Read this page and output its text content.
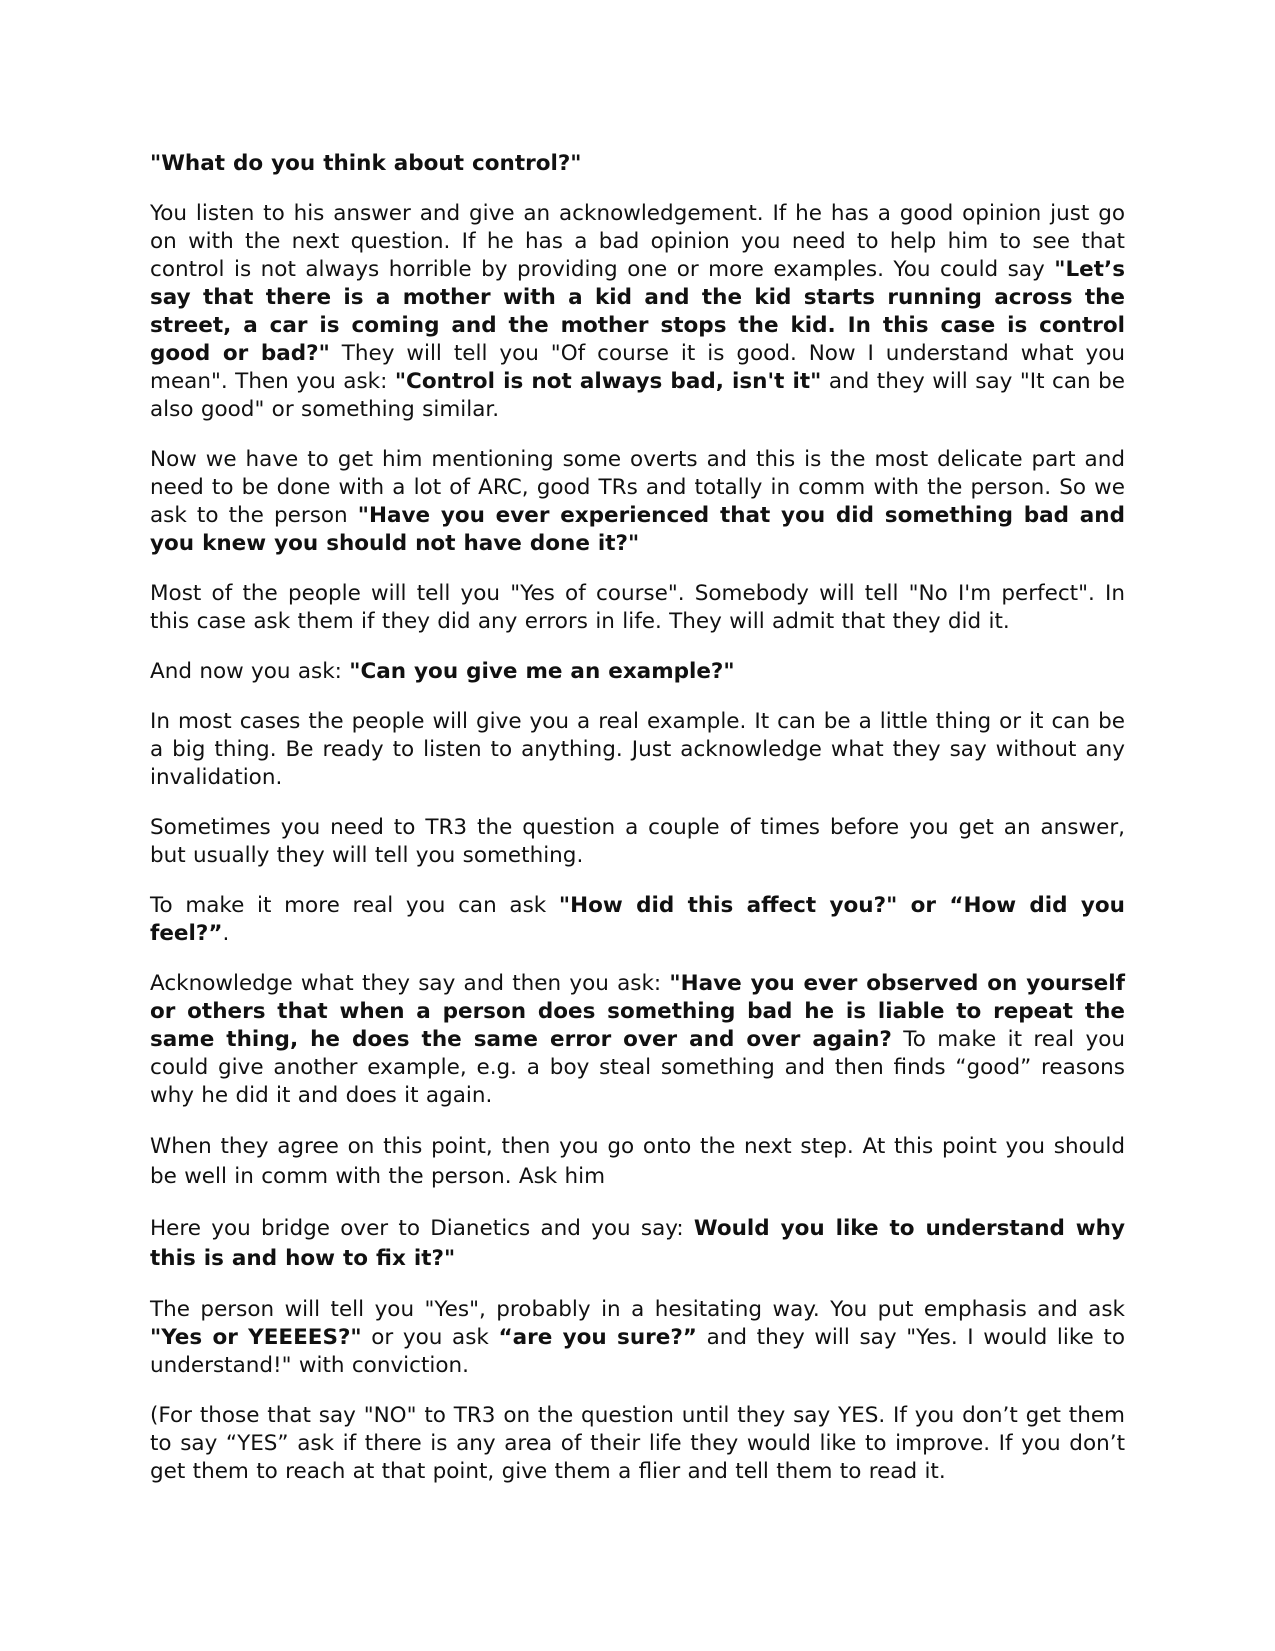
"What do you think about control?"

You listen to his answer and give an acknowledgement. If he has a good opinion just go on with the next question. If he has a bad opinion you need to help him to see that control is not always horrible by providing one or more examples. You could say "Let’s say that there is a mother with a kid and the kid starts running across the street, a car is coming and the mother stops the kid. In this case is control good or bad?" They will tell you "Of course it is good. Now I understand what you mean". Then you ask: "Control is not always bad, isn't it" and they will say "It can be also good" or something similar.

Now we have to get him mentioning some overts and this is the most delicate part and need to be done with a lot of ARC, good TRs and totally in comm with the person. So we ask to the person "Have you ever experienced that you did something bad and you knew you should not have done it?"

Most of the people will tell you "Yes of course". Somebody will tell "No I'm perfect". In this case ask them if they did any errors in life. They will admit that they did it.

And now you ask: "Can you give me an example?"

In most cases the people will give you a real example. It can be a little thing or it can be a big thing. Be ready to listen to anything. Just acknowledge what they say without any invalidation.

Sometimes you need to TR3 the question a couple of times before you get an answer, but usually they will tell you something.

To make it more real you can ask "How did this affect you?" or “How did you feel?”.

Acknowledge what they say and then you ask: "Have you ever observed on yourself or others that when a person does something bad he is liable to repeat the same thing, he does the same error over and over again? To make it real you could give another example, e.g. a boy steal something and then finds “good” reasons why he did it and does it again.

When they agree on this point, then you go onto the next step. At this point you should be well in comm with the person. Ask him

Here you bridge over to Dianetics and you say: Would you like to understand why this is and how to fix it?"

The person will tell you "Yes", probably in a hesitating way. You put emphasis and ask "Yes or YEEEES?" or you ask “are you sure?” and they will say "Yes. I would like to understand!" with conviction.

(For those that say "NO" to TR3 on the question until they say YES. If you don’t get them to say “YES” ask if there is any area of their life they would like to improve. If you don’t get them to reach at that point, give them a flier and tell them to read it.
